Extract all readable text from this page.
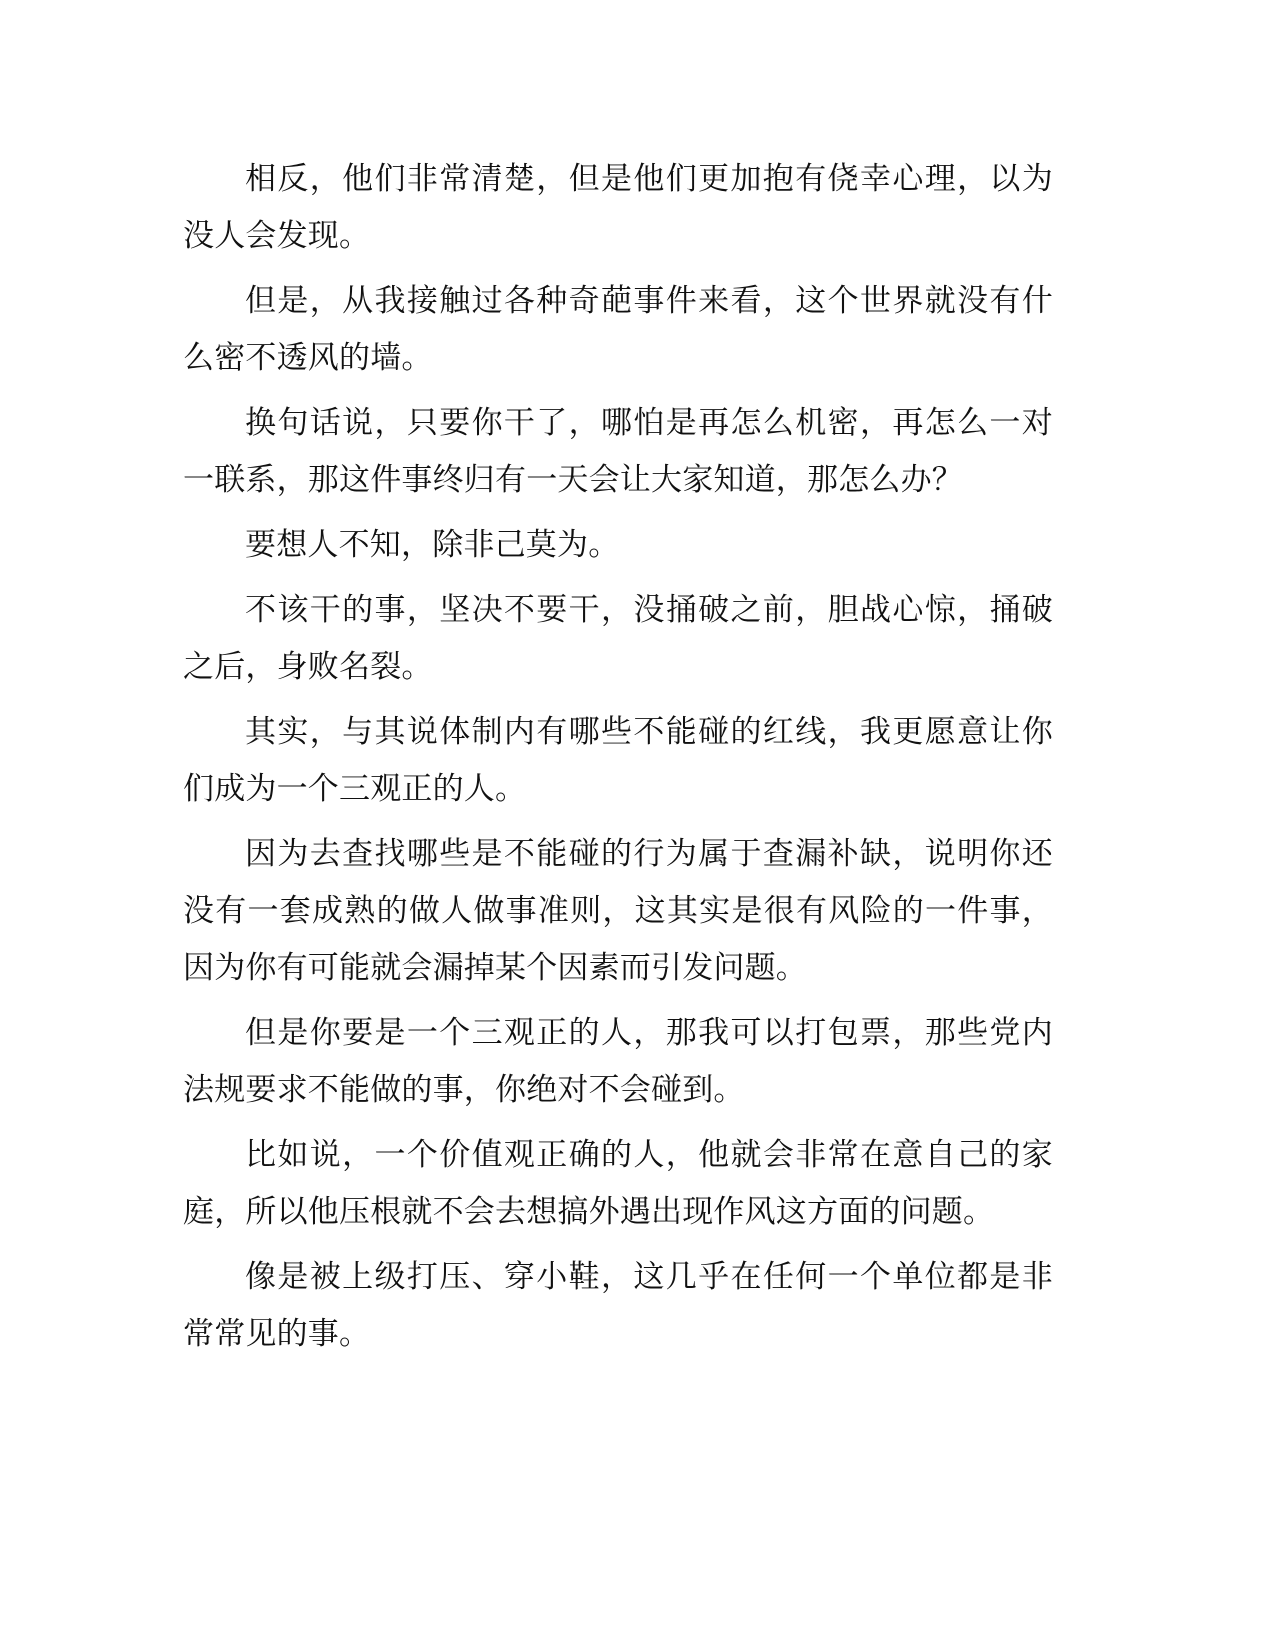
相反，他们非常清楚，但是他们更加抱有侥幸心理，以为没人会发现。

但是，从我接触过各种奇葩事件来看，这个世界就没有什么密不透风的墙。

换句话说，只要你干了，哪怕是再怎么机密，再怎么一对一联系，那这件事终归有一天会让大家知道，那怎么办？

要想人不知，除非己莫为。

不该干的事，坚决不要干，没捅破之前，胆战心惊，捅破之后，身败名裂。

其实，与其说体制内有哪些不能碰的红线，我更愿意让你们成为一个三观正的人。

因为去查找哪些是不能碰的行为属于查漏补缺，说明你还没有一套成熟的做人做事准则，这其实是很有风险的一件事，因为你有可能就会漏掉某个因素而引发问题。

但是你要是一个三观正的人，那我可以打包票，那些党内法规要求不能做的事，你绝对不会碰到。

比如说，一个价值观正确的人，他就会非常在意自己的家庭，所以他压根就不会去想搞外遇出现作风这方面的问题。

像是被上级打压、穿小鞋，这几乎在任何一个单位都是非常常见的事。
